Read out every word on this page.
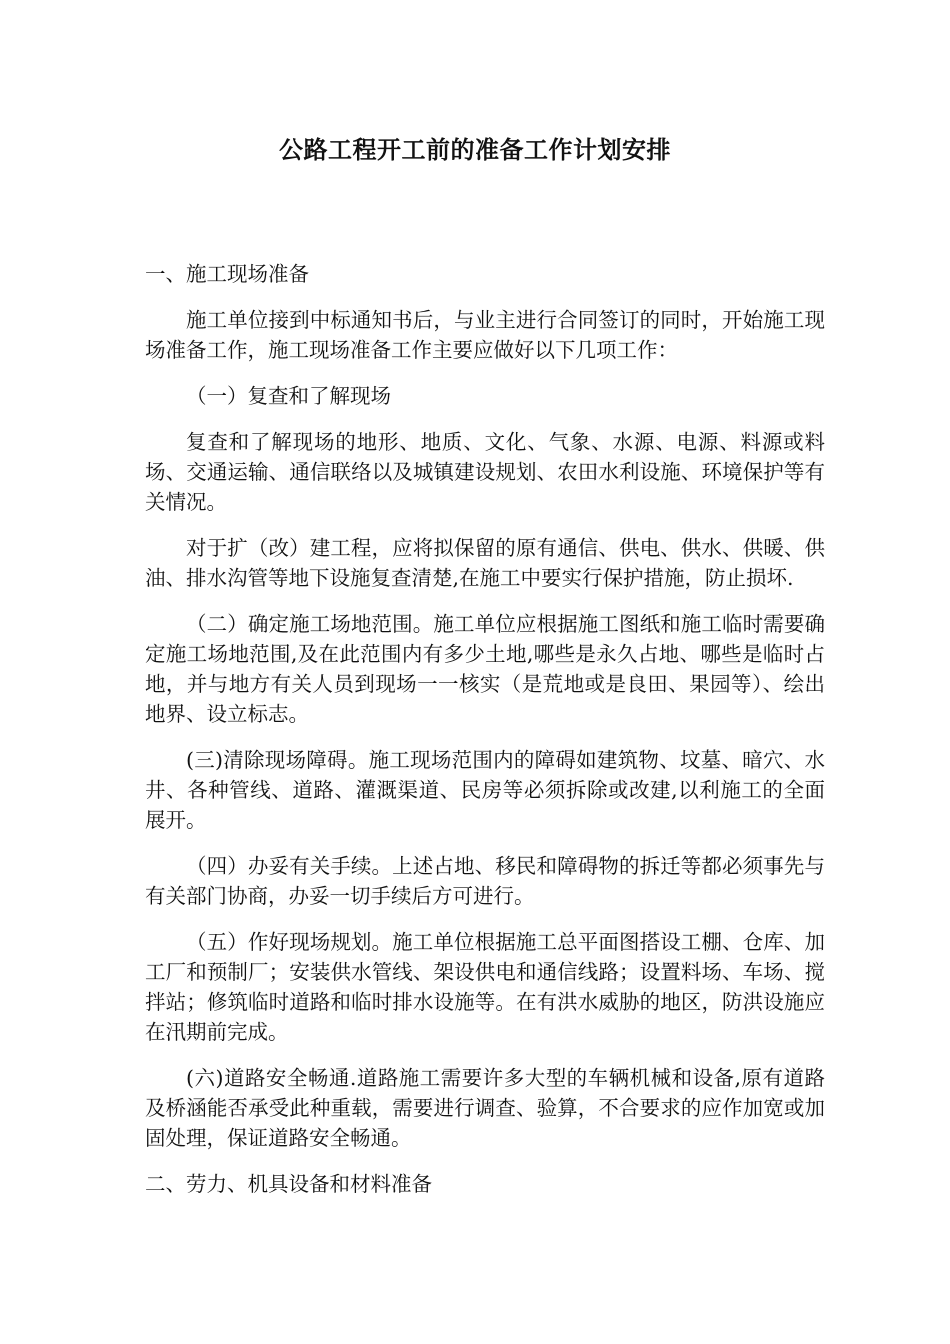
公路工程开工前的准备工作计划安排
一、施工现场准备
施工单位接到中标通知书后，与业主进行合同签订的同时，开始施工现场准备工作，施工现场准备工作主要应做好以下几项工作：
（一）复查和了解现场
复查和了解现场的地形、地质、文化、气象、水源、电源、料源或料场、交通运输、通信联络以及城镇建设规划、农田水利设施、环境保护等有关情况。
对于扩（改）建工程，应将拟保留的原有通信、供电、供水、供暖、供油、排水沟管等地下设施复查清楚,在施工中要实行保护措施，防止损坏.
（二）确定施工场地范围。施工单位应根据施工图纸和施工临时需要确定施工场地范围,及在此范围内有多少土地,哪些是永久占地、哪些是临时占地，并与地方有关人员到现场一一核实（是荒地或是良田、果园等）、绘出地界、设立标志。
(三)清除现场障碍。施工现场范围内的障碍如建筑物、坟墓、暗穴、水井、各种管线、道路、灌溉渠道、民房等必须拆除或改建,以利施工的全面展开。
（四）办妥有关手续。上述占地、移民和障碍物的拆迁等都必须事先与有关部门协商，办妥一切手续后方可进行。
（五）作好现场规划。施工单位根据施工总平面图搭设工棚、仓库、加工厂和预制厂；安装供水管线、架设供电和通信线路；设置料场、车场、搅拌站；修筑临时道路和临时排水设施等。在有洪水威胁的地区，防洪设施应在汛期前完成。
(六)道路安全畅通.道路施工需要许多大型的车辆机械和设备,原有道路及桥涵能否承受此种重载，需要进行调查、验算，不合要求的应作加宽或加固处理，保证道路安全畅通。
二、劳力、机具设备和材料准备
